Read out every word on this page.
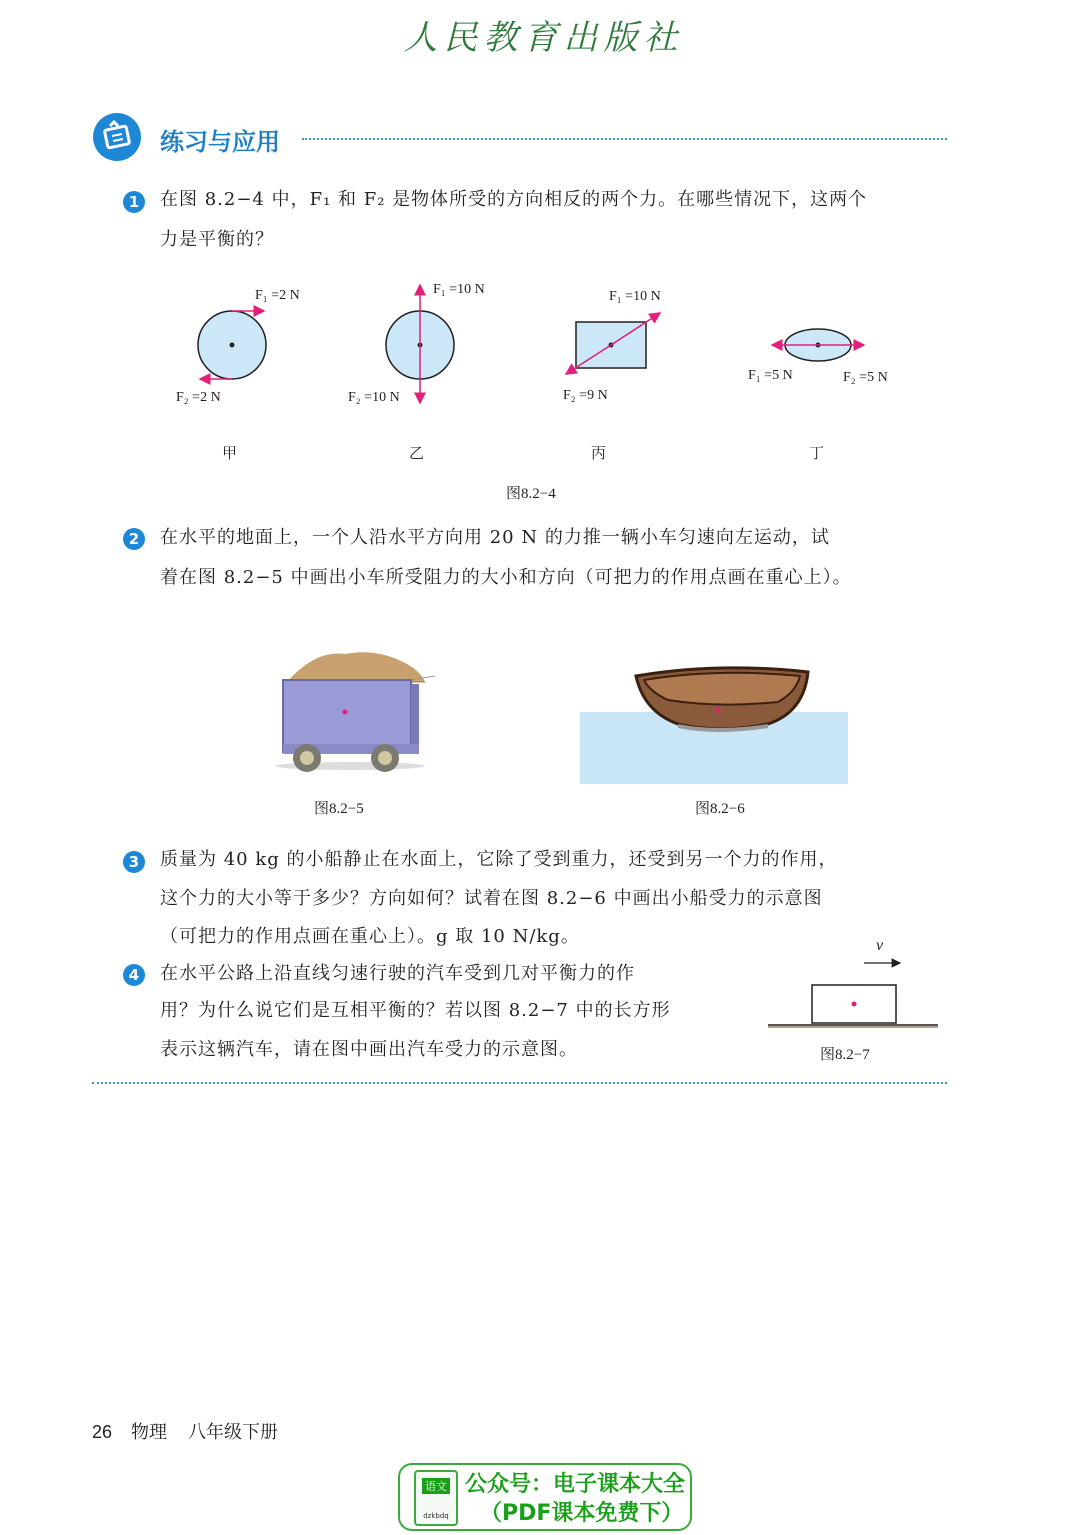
人民教育出版社
练习与应用
1	在图 8.2−4 中，F₁ 和 F₂ 是物体所受的方向相反的两个力。在哪些情况下，这两个
力是平衡的？
F₁ =2 N
F₂ =2 N
F₁ =10 N
F₂ =10 N
F₁ =10 N
F₂ =9 N
F₁ =5 N	F₂ =5 N
甲	乙	丙	丁
图8.2−4
2	在水平的地面上，一个人沿水平方向用 20 N 的力推一辆小车匀速向左运动，试
着在图 8.2−5 中画出小车所受阻力的大小和方向（可把力的作用点画在重心上）。
图8.2−5	图8.2−6
3	质量为 40 kg 的小船静止在水面上，它除了受到重力，还受到另一个力的作用，
这个力的大小等于多少？方向如何？试着在图 8.2−6 中画出小船受力的示意图
（可把力的作用点画在重心上）。g 取 10 N/kg。
4	在水平公路上沿直线匀速行驶的汽车受到几对平衡力的作
用？为什么说它们是互相平衡的？若以图 8.2−7 中的长方形
表示这辆汽车，请在图中画出汽车受力的示意图。
v
图8.2−7
26 物理 八年级下册
语文
dzkbdq
公众号：电子课本大全
（PDF课本免费下）
